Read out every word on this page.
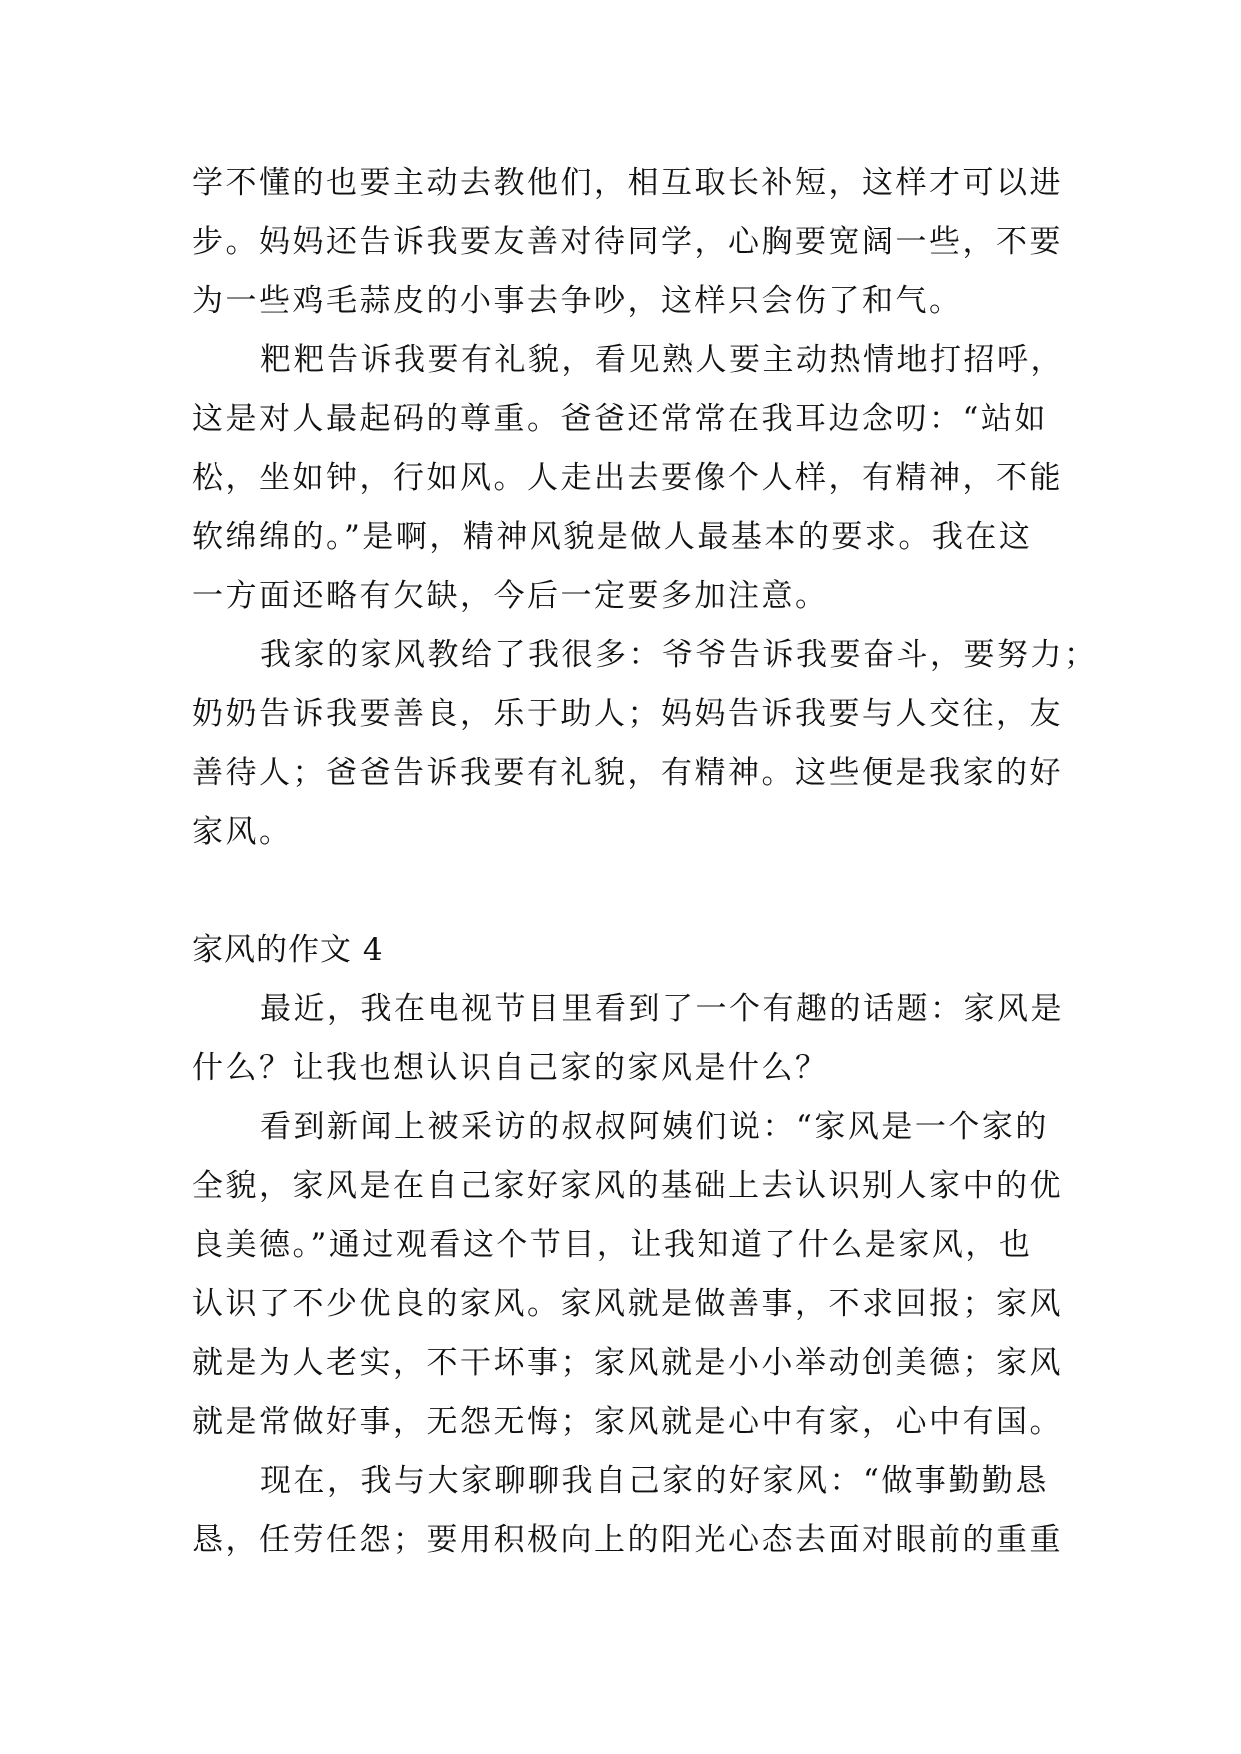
学不懂的也要主动去教他们，相互取长补短，这样才可以进
步。妈妈还告诉我要友善对待同学，心胸要宽阔一些，不要
为一些鸡毛蒜皮的小事去争吵，这样只会伤了和气。
粑粑告诉我要有礼貌，看见熟人要主动热情地打招呼，
这是对人最起码的尊重。爸爸还常常在我耳边念叨：“站如
松，坐如钟，行如风。人走出去要像个人样，有精神，不能
软绵绵的。”是啊，精神风貌是做人最基本的要求。我在这
一方面还略有欠缺，今后一定要多加注意。
我家的家风教给了我很多：爷爷告诉我要奋斗，要努力；
奶奶告诉我要善良，乐于助人；妈妈告诉我要与人交往，友
善待人；爸爸告诉我要有礼貌，有精神。这些便是我家的好
家风。
家风的作文 4
最近，我在电视节目里看到了一个有趣的话题：家风是
什么？让我也想认识自己家的家风是什么？
看到新闻上被采访的叔叔阿姨们说：“家风是一个家的
全貌，家风是在自己家好家风的基础上去认识别人家中的优
良美德。”通过观看这个节目，让我知道了什么是家风，也
认识了不少优良的家风。家风就是做善事，不求回报；家风
就是为人老实，不干坏事；家风就是小小举动创美德；家风
就是常做好事，无怨无悔；家风就是心中有家，心中有国。
现在，我与大家聊聊我自己家的好家风：“做事勤勤恳
恳，任劳任怨；要用积极向上的阳光心态去面对眼前的重重
